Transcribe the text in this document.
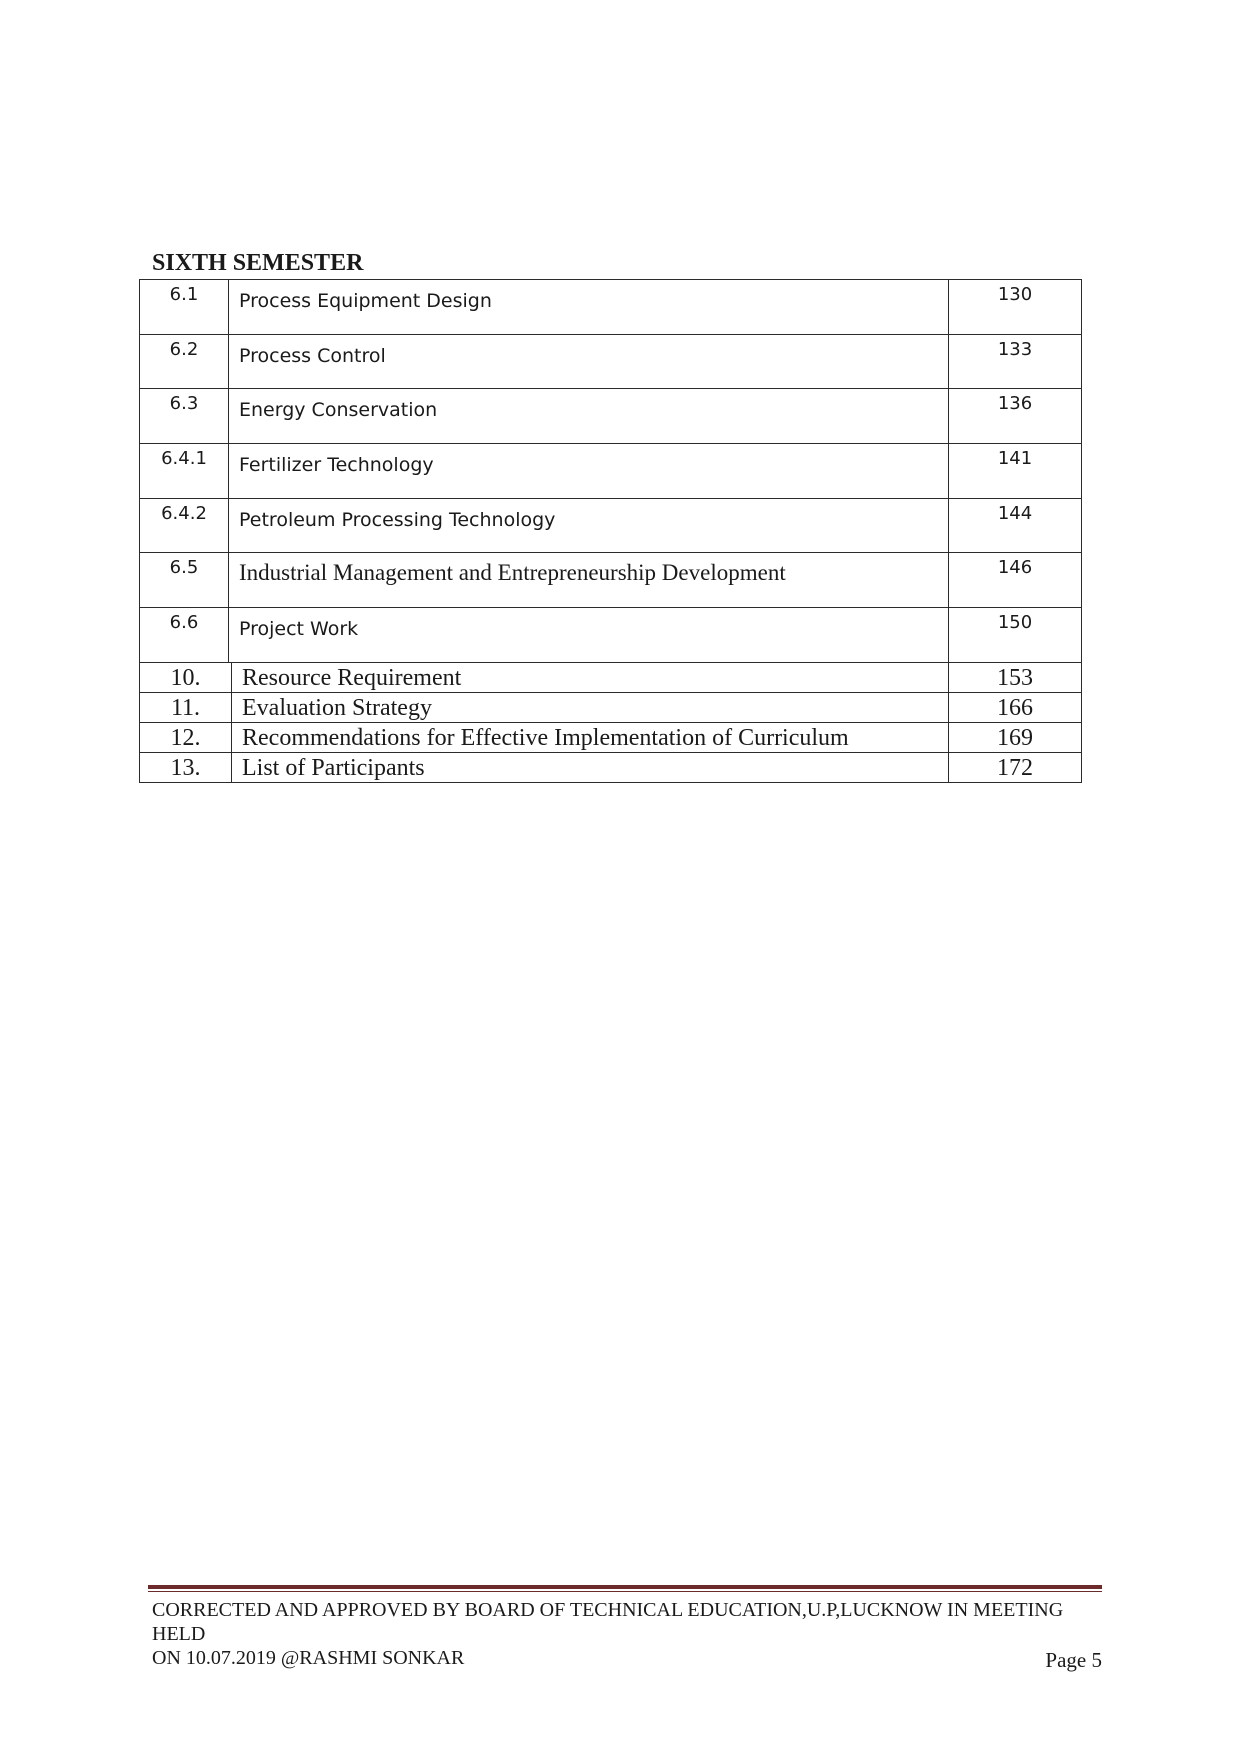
SIXTH SEMESTER
6.1	Process Equipment Design	130
6.2	Process Control	133
6.3	Energy Conservation	136
6.4.1	Fertilizer Technology	141
6.4.2	Petroleum Processing Technology	144
6.5	Industrial Management and Entrepreneurship Development	146
6.6	Project Work	150
10.	Resource Requirement	153
11.	Evaluation Strategy	166
12.	Recommendations for Effective Implementation of Curriculum	169
13.	List of Participants	172
CORRECTED AND APPROVED BY BOARD OF TECHNICAL EDUCATION,U.P,LUCKNOW IN MEETING HELD
ON 10.07.2019 @RASHMI SONKAR	Page 5
